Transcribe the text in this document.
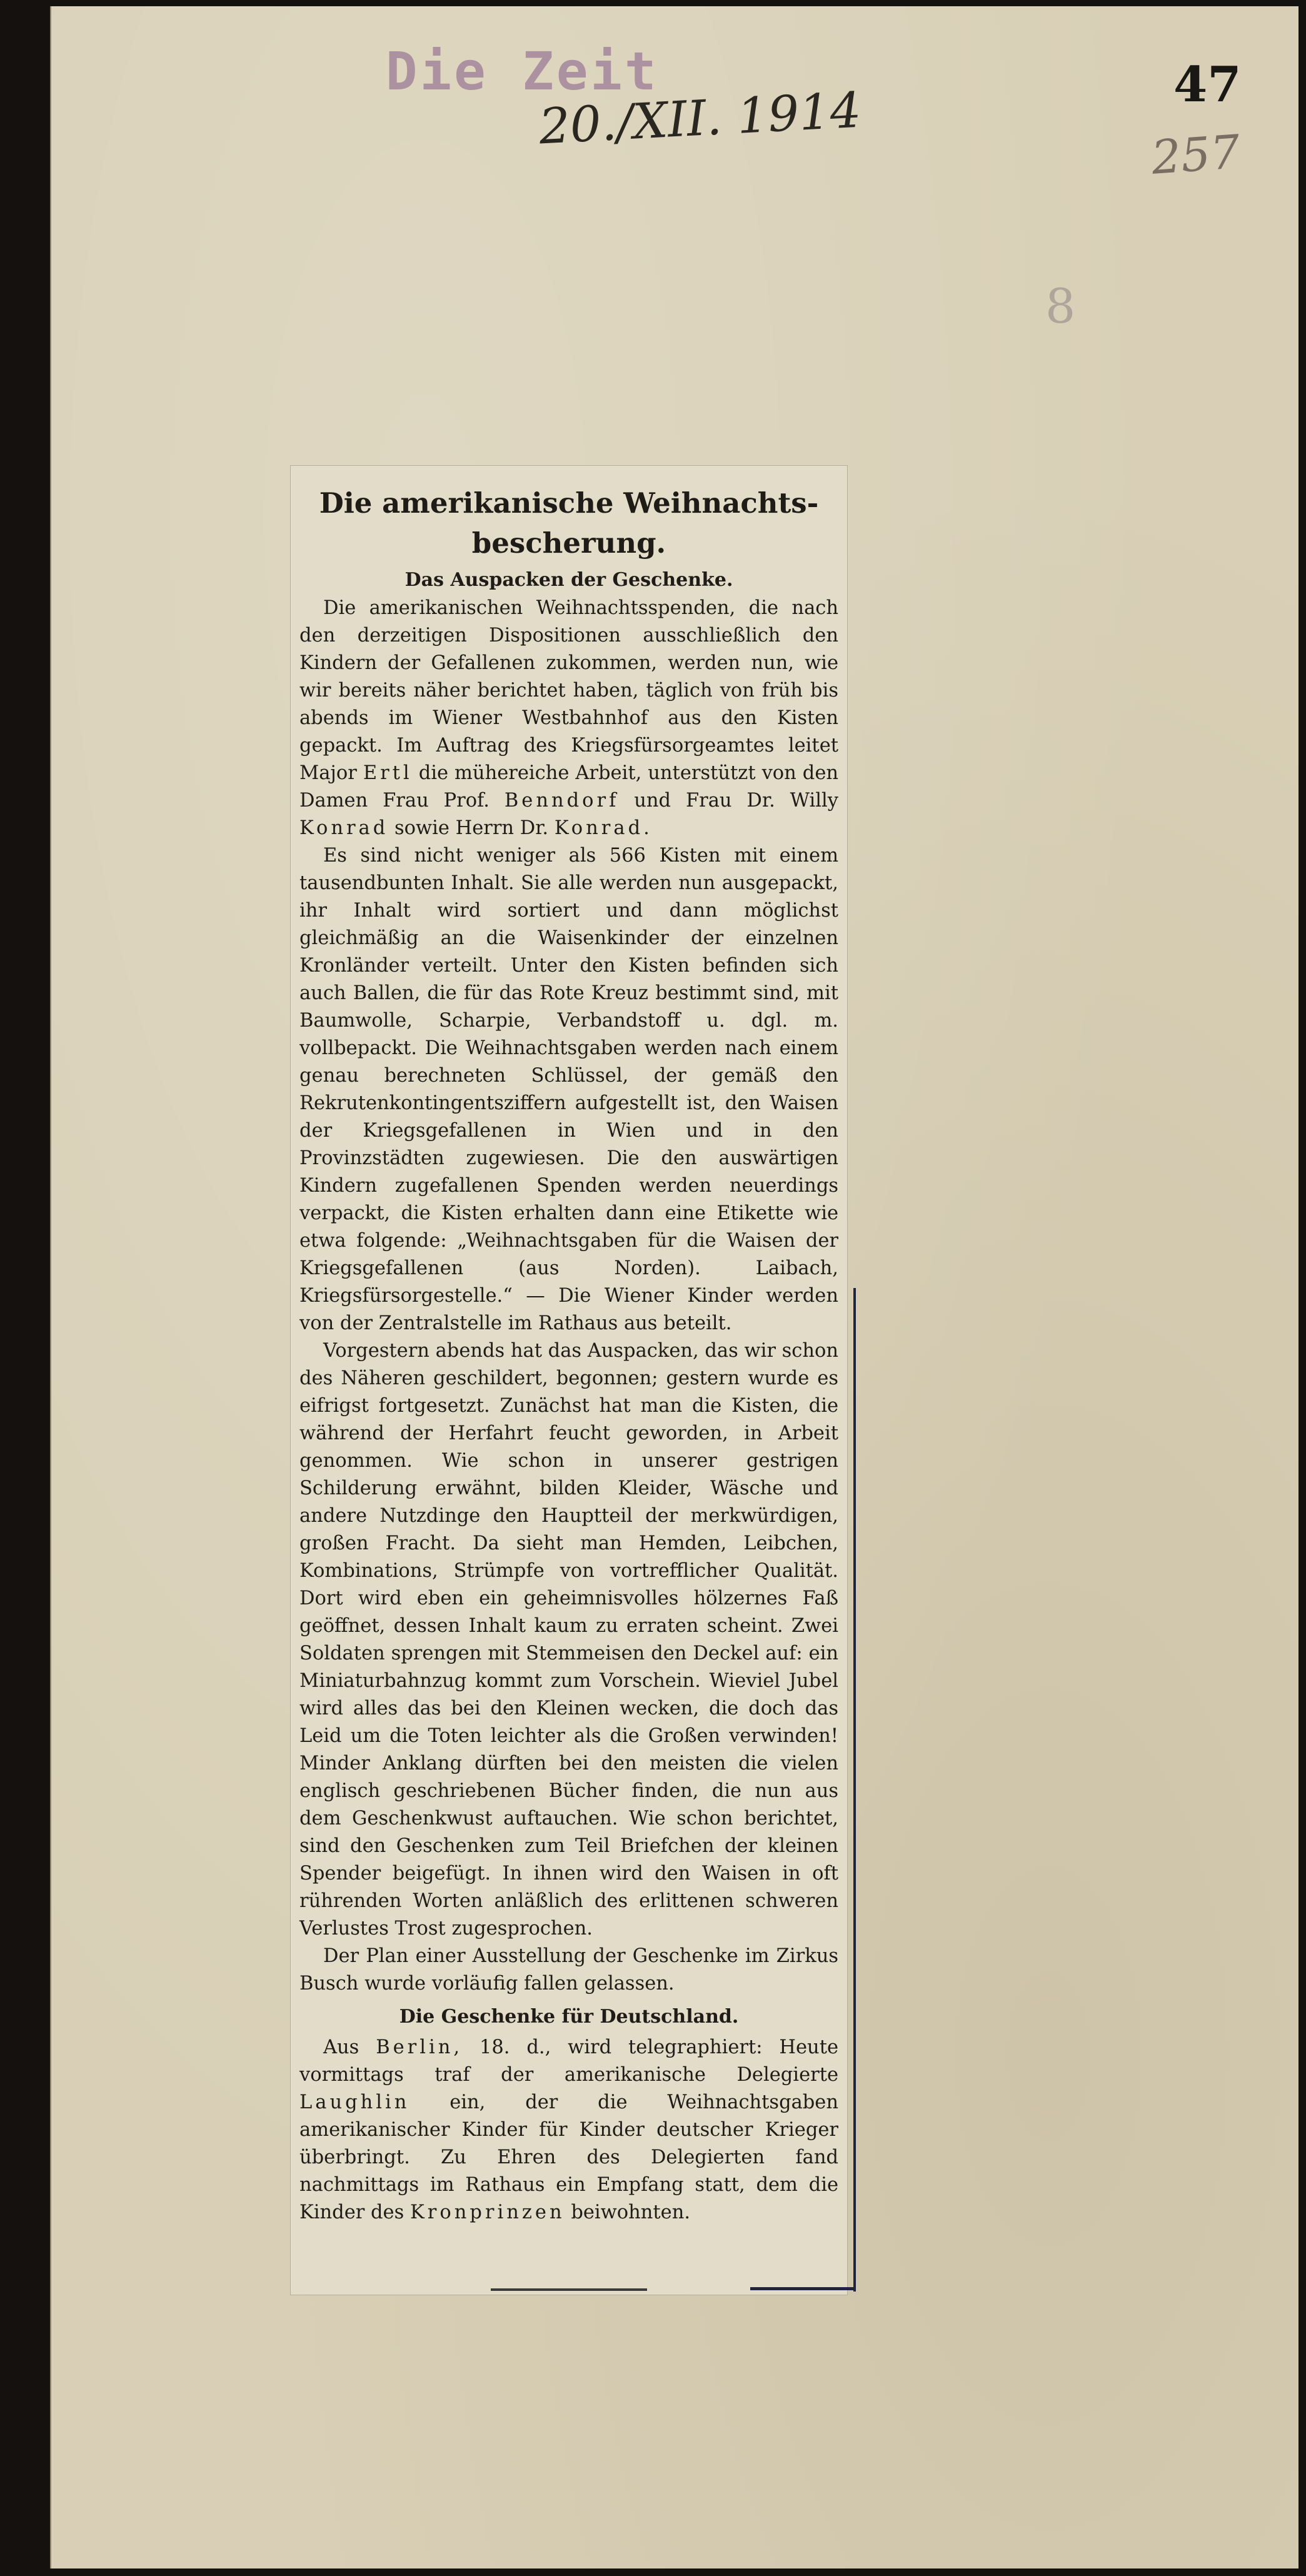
Die Zeit
20./XII. 1914	47
257
8

Die amerikanische Weihnachts-
bescherung.

Das Auspacken der Geschenke.

Die amerikanischen Weihnachtsspenden, die nach den derzeitigen Dispositionen ausschließlich den Kindern der Gefallenen zukommen, werden nun, wie wir bereits näher berichtet haben, täglich von früh bis abends im Wiener Westbahnhof aus den Kisten gepackt. Im Auftrag des Kriegsfürsorgeamtes leitet Major Ertl die mühereiche Arbeit, unterstützt von den Damen Frau Prof. Benndorf und Frau Dr. Willy Konrad sowie Herrn Dr. Konrad.

Es sind nicht weniger als 566 Kisten mit einem tausendbunten Inhalt. Sie alle werden nun ausgepackt, ihr Inhalt wird sortiert und dann möglichst gleichmäßig an die Waisenkinder der einzelnen Kronländer verteilt. Unter den Kisten befinden sich auch Ballen, die für das Rote Kreuz bestimmt sind, mit Baumwolle, Scharpie, Verbandstoff u. dgl. m. vollbepackt. Die Weihnachtsgaben werden nach einem genau berechneten Schlüssel, der gemäß den Rekrutenkontingentsziffern aufgestellt ist, den Waisen der Kriegsgefallenen in Wien und in den Provinzstädten zugewiesen. Die den auswärtigen Kindern zugefallenen Spenden werden neuerdings verpackt, die Kisten erhalten dann eine Etikette wie etwa folgende: „Weihnachtsgaben für die Waisen der Kriegsgefallenen (aus Norden). Laibach, Kriegsfürsorgestelle.“ — Die Wiener Kinder werden von der Zentralstelle im Rathaus aus beteilt.

Vorgestern abends hat das Auspacken, das wir schon des Näheren geschildert, begonnen; gestern wurde es eifrigst fortgesetzt. Zunächst hat man die Kisten, die während der Herfahrt feucht geworden, in Arbeit genommen. Wie schon in unserer gestrigen Schilderung erwähnt, bilden Kleider, Wäsche und andere Nutzdinge den Hauptteil der merkwürdigen, großen Fracht. Da sieht man Hemden, Leibchen, Kombinations, Strümpfe von vortrefflicher Qualität. Dort wird eben ein geheimnisvolles hölzernes Faß geöffnet, dessen Inhalt kaum zu erraten scheint. Zwei Soldaten sprengen mit Stemmeisen den Deckel auf: ein Miniaturbahnzug kommt zum Vorschein. Wieviel Jubel wird alles das bei den Kleinen wecken, die doch das Leid um die Toten leichter als die Großen verwinden! Minder Anklang dürften bei den meisten die vielen englisch geschriebenen Bücher finden, die nun aus dem Geschenkwust auftauchen. Wie schon berichtet, sind den Geschenken zum Teil Briefchen der kleinen Spender beigefügt. In ihnen wird den Waisen in oft rührenden Worten anläßlich des erlittenen schweren Verlustes Trost zugesprochen.

Der Plan einer Ausstellung der Geschenke im Zirkus Busch wurde vorläufig fallen gelassen.

Die Geschenke für Deutschland.

Aus Berlin, 18. d., wird telegraphiert: Heute vormittags traf der amerikanische Delegierte Laughlin ein, der die Weihnachtsgaben amerikanischer Kinder für Kinder deutscher Krieger überbringt. Zu Ehren des Delegierten fand nachmittags im Rathaus ein Empfang statt, dem die Kinder des Kronprinzen beiwohnten.
